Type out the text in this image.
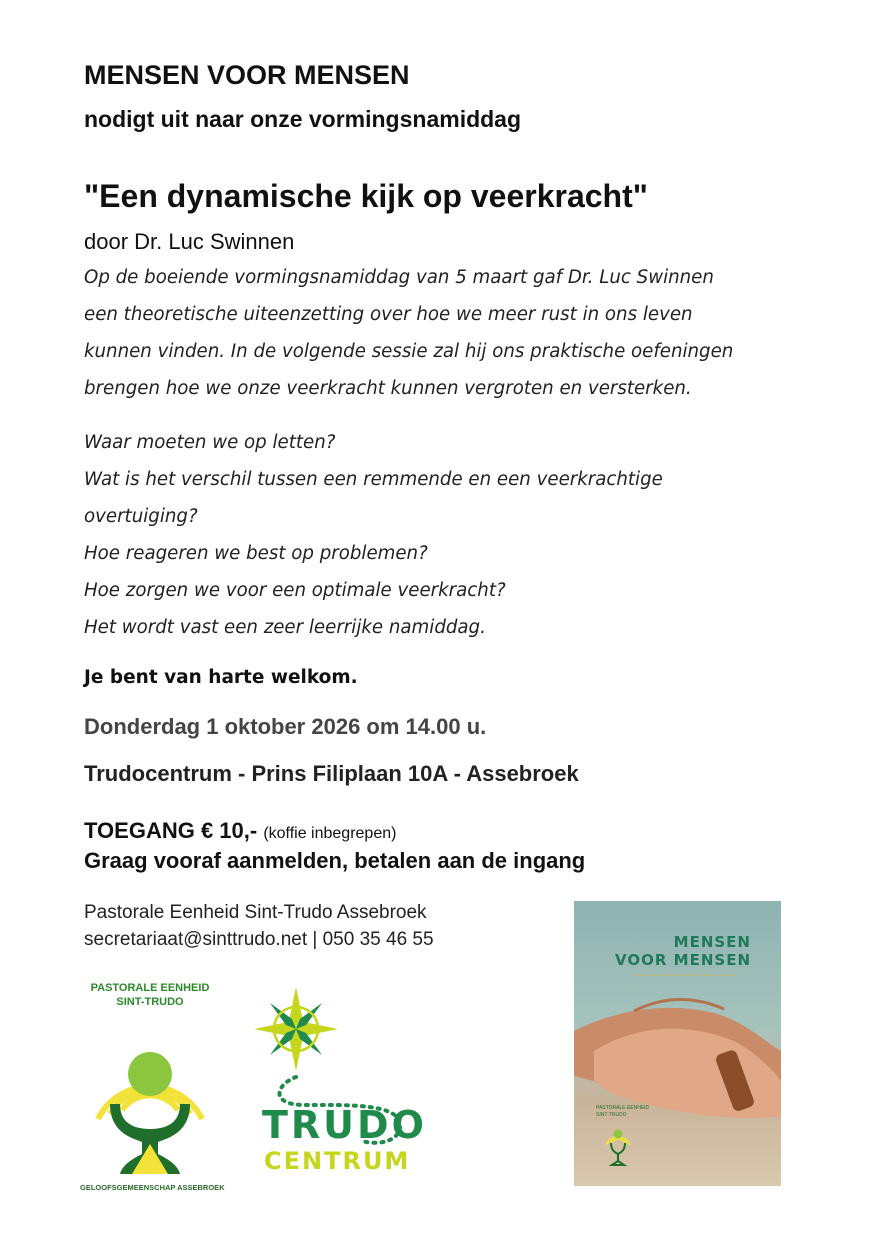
MENSEN VOOR MENSEN
nodigt uit naar onze vormingsnamiddag
"Een dynamische kijk op veerkracht"
door Dr. Luc Swinnen

Op de boeiende vormingsnamiddag van 5 maart gaf Dr. Luc Swinnen

een theoretische uiteenzetting over hoe we meer rust in ons leven

kunnen vinden. In de volgende sessie zal hij ons praktische oefeningen

brengen hoe we onze veerkracht kunnen vergroten en versterken.

Waar moeten we op letten?
Wat is het verschil tussen een remmende en een veerkrachtige
overtuiging?
Hoe reageren we best op problemen?
Hoe zorgen we voor een optimale veerkracht?
Het wordt vast een zeer leerrijke namiddag.
Je bent van harte welkom.
Donderdag 1 oktober 2026 om 14.00 u.
Trudocentrum - Prins Filiplaan 10A - Assebroek
TOEGANG € 10,- (koffie inbegrepen)
Graag vooraf aanmelden, betalen aan de ingang
Pastorale Eenheid Sint-Trudo Assebroek
secretariaat@sinttrudo.net | 050 35 46 55
PASTORALE EENHEID
SINT-TRUDO
GELOOFSGEMEENSCHAP ASSEBROEK
TRUDO
CENTRUM
MENSEN
VOOR MENSEN
PASTORALE EENHEID
SINT-TRUDO
